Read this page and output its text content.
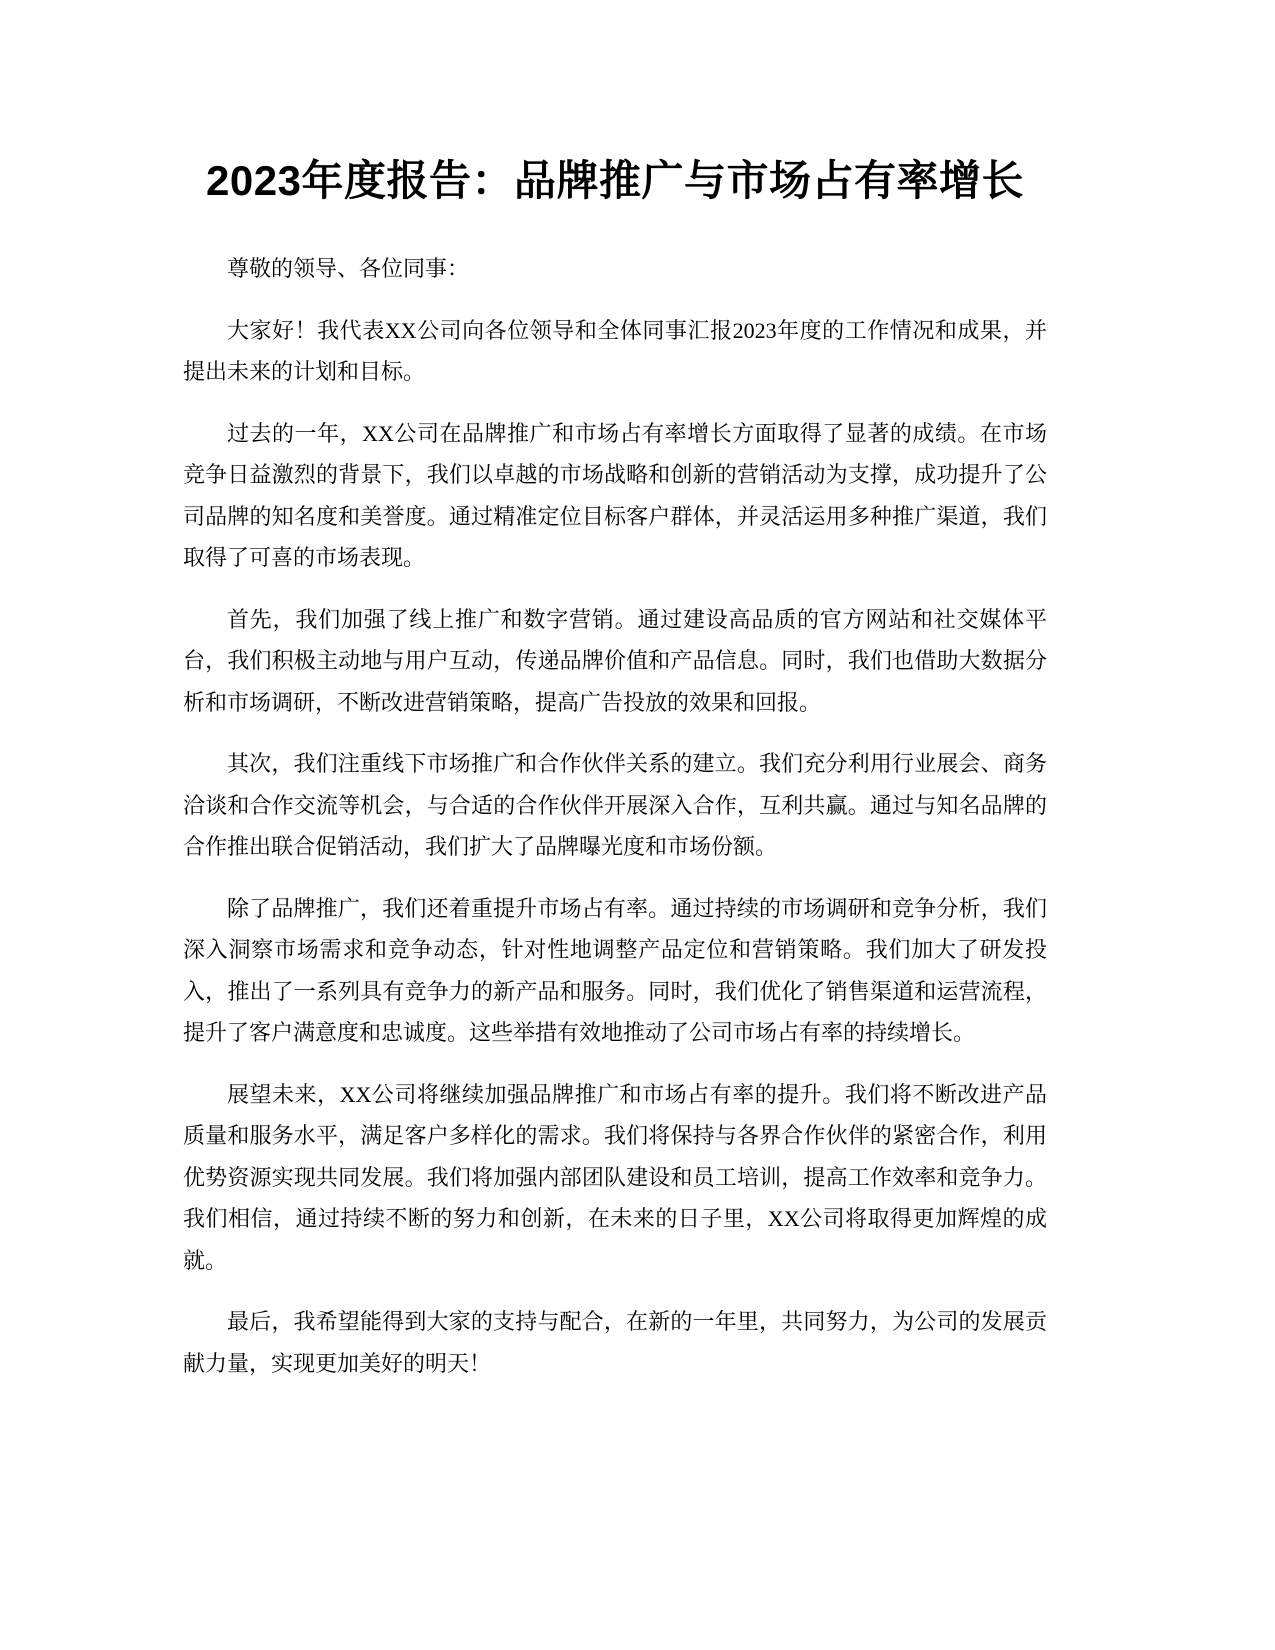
2023年度报告：品牌推广与市场占有率增长

尊敬的领导、各位同事：

大家好！我代表XX公司向各位领导和全体同事汇报2023年度的工作情况和成果，并提出未来的计划和目标。

过去的一年，XX公司在品牌推广和市场占有率增长方面取得了显著的成绩。在市场竞争日益激烈的背景下，我们以卓越的市场战略和创新的营销活动为支撑，成功提升了公司品牌的知名度和美誉度。通过精准定位目标客户群体，并灵活运用多种推广渠道，我们取得了可喜的市场表现。

首先，我们加强了线上推广和数字营销。通过建设高品质的官方网站和社交媒体平台，我们积极主动地与用户互动，传递品牌价值和产品信息。同时，我们也借助大数据分析和市场调研，不断改进营销策略，提高广告投放的效果和回报。

其次，我们注重线下市场推广和合作伙伴关系的建立。我们充分利用行业展会、商务洽谈和合作交流等机会，与合适的合作伙伴开展深入合作，互利共赢。通过与知名品牌的合作推出联合促销活动，我们扩大了品牌曝光度和市场份额。

除了品牌推广，我们还着重提升市场占有率。通过持续的市场调研和竞争分析，我们深入洞察市场需求和竞争动态，针对性地调整产品定位和营销策略。我们加大了研发投入，推出了一系列具有竞争力的新产品和服务。同时，我们优化了销售渠道和运营流程，提升了客户满意度和忠诚度。这些举措有效地推动了公司市场占有率的持续增长。

展望未来，XX公司将继续加强品牌推广和市场占有率的提升。我们将不断改进产品质量和服务水平，满足客户多样化的需求。我们将保持与各界合作伙伴的紧密合作，利用优势资源实现共同发展。我们将加强内部团队建设和员工培训，提高工作效率和竞争力。我们相信，通过持续不断的努力和创新，在未来的日子里，XX公司将取得更加辉煌的成就。

最后，我希望能得到大家的支持与配合，在新的一年里，共同努力，为公司的发展贡献力量，实现更加美好的明天！
